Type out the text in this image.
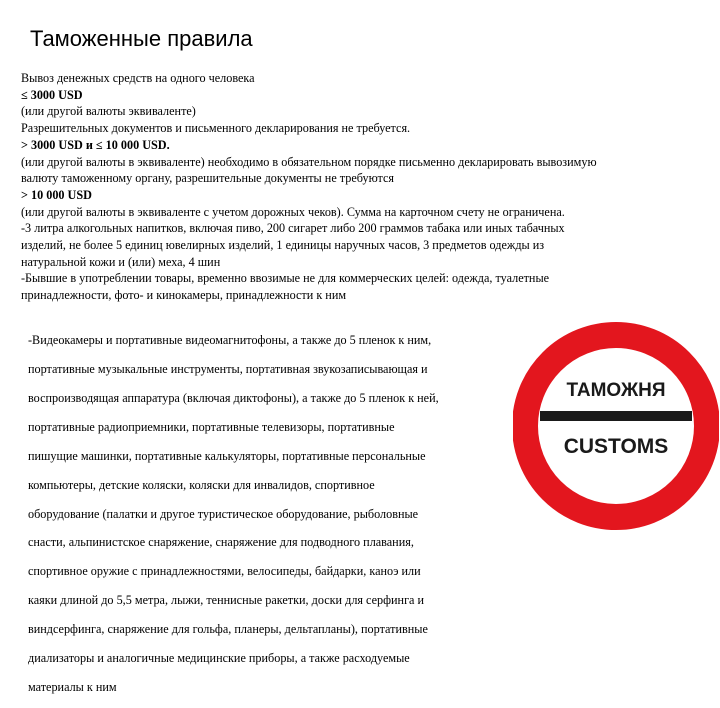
Таможенные правила

Вывоз денежных средств на одного человека

≤ 3000 USD

(или другой валюты эквиваленте)

Разрешительных документов и письменного декларирования не требуется.

> 3000 USD и ≤ 10 000 USD.

(или другой валюты в эквиваленте) необходимо в обязательном порядке письменно декларировать вывозимую

валюту таможенному органу, разрешительные документы не требуются

> 10 000 USD

(или другой валюты в эквиваленте с учетом дорожных чеков). Сумма на карточном счету не ограничена.

-3 литра алкогольных напитков, включая пиво, 200 сигарет либо 200 граммов табака или иных табачных

изделий, не более 5 единиц ювелирных изделий, 1 единицы наручных часов, 3 предметов одежды из

натуральной кожи и (или) меха, 4 шин

-Бывшие в употреблении товары, временно ввозимые не для коммерческих целей: одежда, туалетные

принадлежности, фото- и кинокамеры, принадлежности к ним

-Видеокамеры и портативные видеомагнитофоны, а также до 5 пленок к ним,

портативные музыкальные инструменты, портативная звукозаписывающая и

воспроизводящая аппаратура (включая диктофоны), а также до 5 пленок к ней,

портативные радиоприемники, портативные телевизоры, портативные

пишущие машинки, портативные калькуляторы, портативные персональные

компьютеры, детские коляски, коляски для инвалидов, спортивное

оборудование (палатки и другое туристическое оборудование, рыболовные

снасти, альпинистское снаряжение, снаряжение для подводного плавания,

спортивное оружие с принадлежностями, велосипеды, байдарки, каноэ или

каяки длиной до 5,5 метра, лыжи, теннисные ракетки, доски для серфинга и

виндсерфинга, снаряжение для гольфа, планеры, дельтапланы), портативные

диализаторы и аналогичные медицинские приборы, а также расходуемые

материалы к ним

ТАМОЖНЯ
CUSTOMS
